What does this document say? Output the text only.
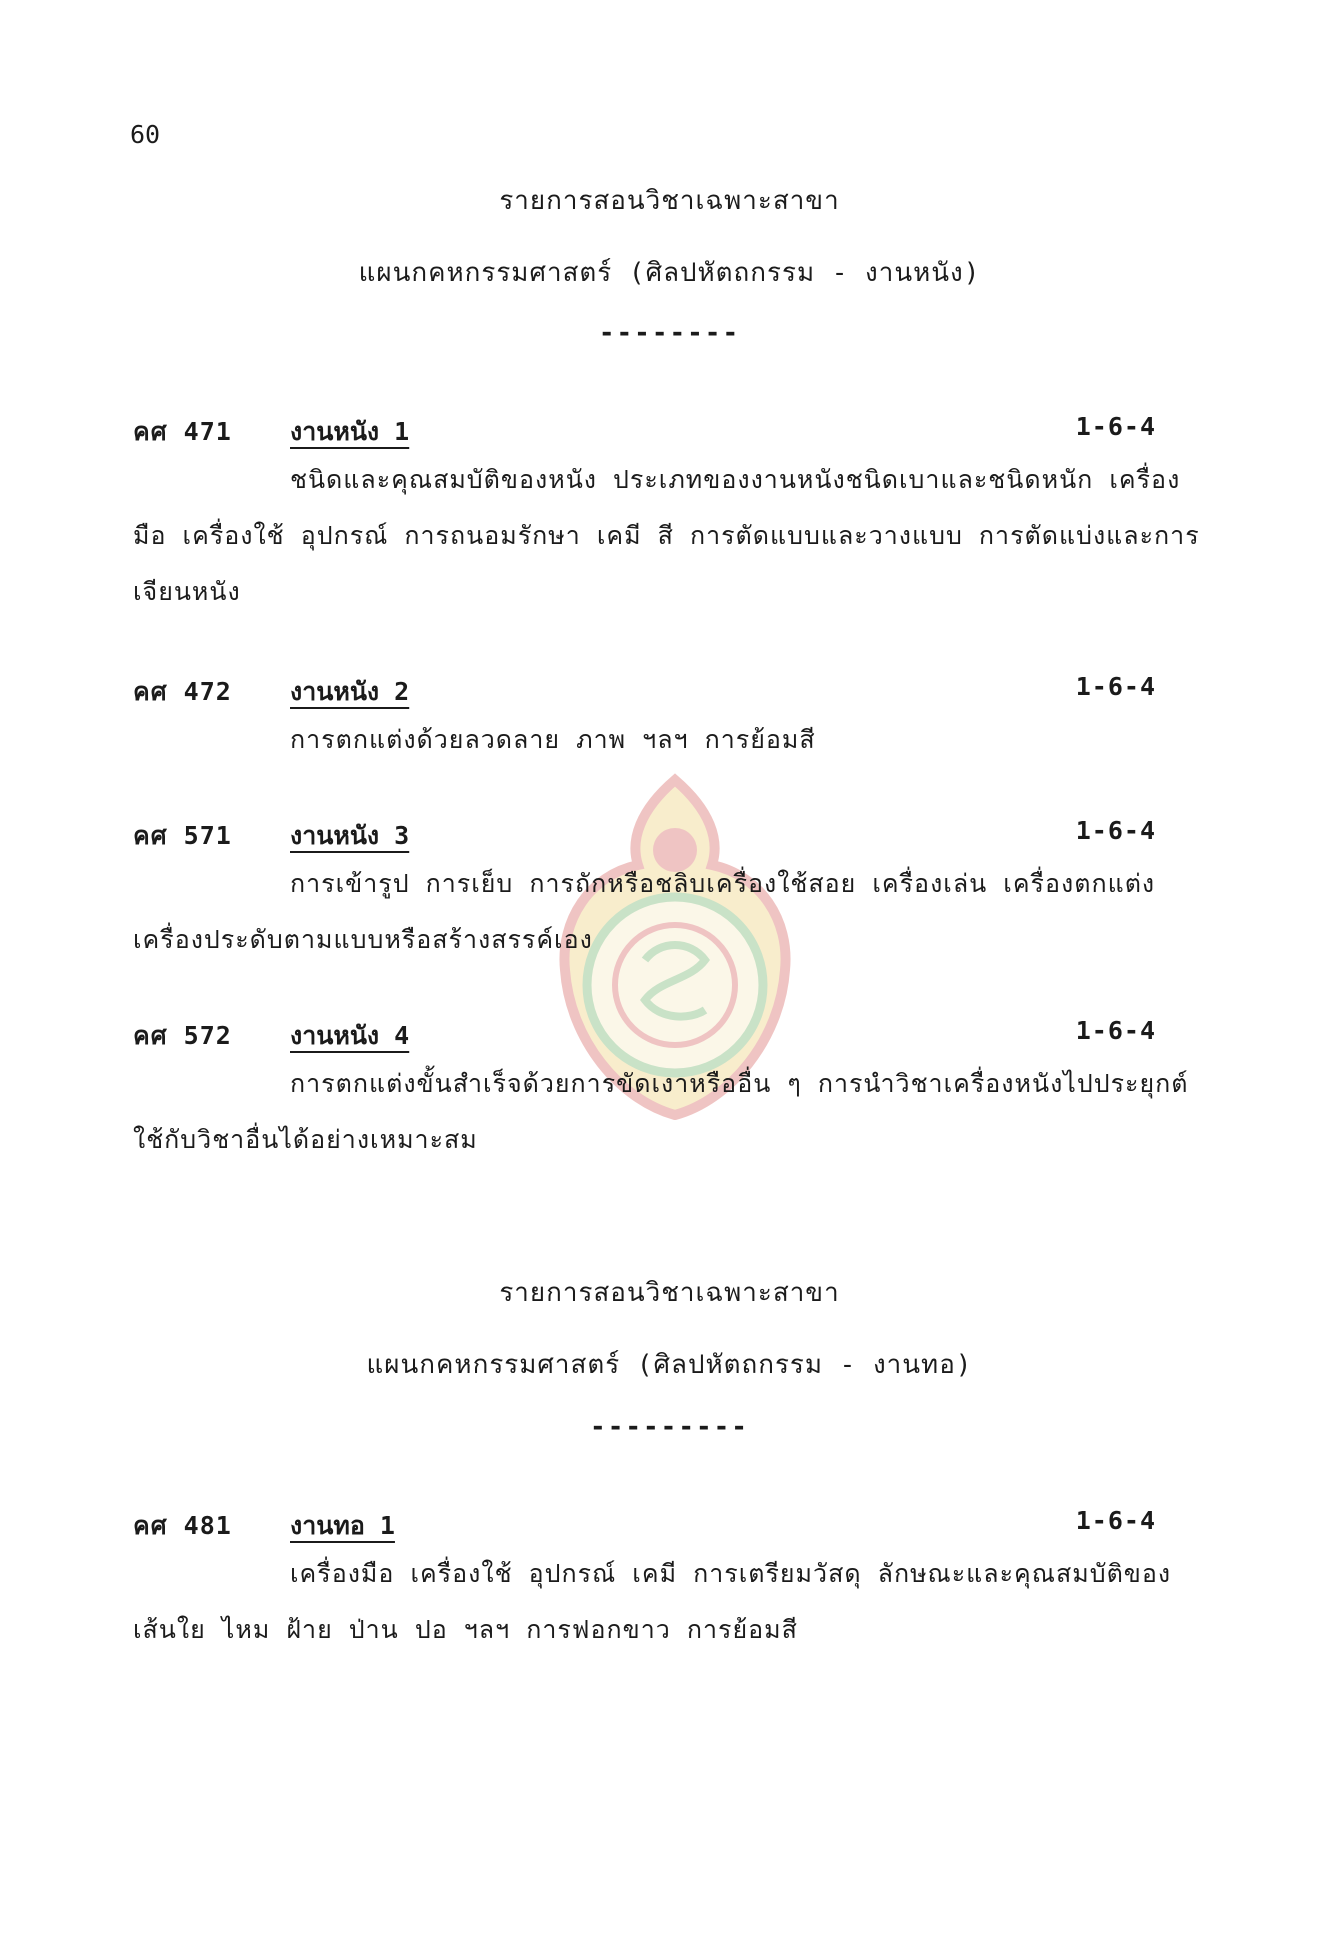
60
รายการสอนวิชาเฉพาะสาขา
แผนกคหกรรมศาสตร์ (ศิลปหัตถกรรม - งานหนัง)
--------
คศ 471 งานหนัง 1	1-6-4
ชนิดและคุณสมบัติของหนัง ประเภทของงานหนังชนิดเบาและชนิดหนัก เครื่องมือ เครื่องใช้ อุปกรณ์ การถนอมรักษา เคมี สี การตัดแบบและวางแบบ การตัดแบ่งและการเจียนหนัง
คศ 472 งานหนัง 2	1-6-4
การตกแต่งด้วยลวดลาย ภาพ ฯลฯ การย้อมสี
คศ 571 งานหนัง 3	1-6-4
การเข้ารูป การเย็บ การถักหรือชลิบเครื่องใช้สอย เครื่องเล่น เครื่องตกแต่ง เครื่องประดับตามแบบหรือสร้างสรรค์เอง
คศ 572 งานหนัง 4	1-6-4
การตกแต่งขั้นสำเร็จด้วยการขัดเงาหรืออื่น ๆ การนำวิชาเครื่องหนังไปประยุกต์ใช้กับวิชาอื่นได้อย่างเหมาะสม
รายการสอนวิชาเฉพาะสาขา
แผนกคหกรรมศาสตร์ (ศิลปหัตถกรรม - งานทอ)
---------
คศ 481 งานทอ 1	1-6-4
เครื่องมือ เครื่องใช้ อุปกรณ์ เคมี การเตรียมวัสดุ ลักษณะและคุณสมบัติของเส้นใย ไหม ฝ้าย ป่าน ปอ ฯลฯ การฟอกขาว การย้อมสี
